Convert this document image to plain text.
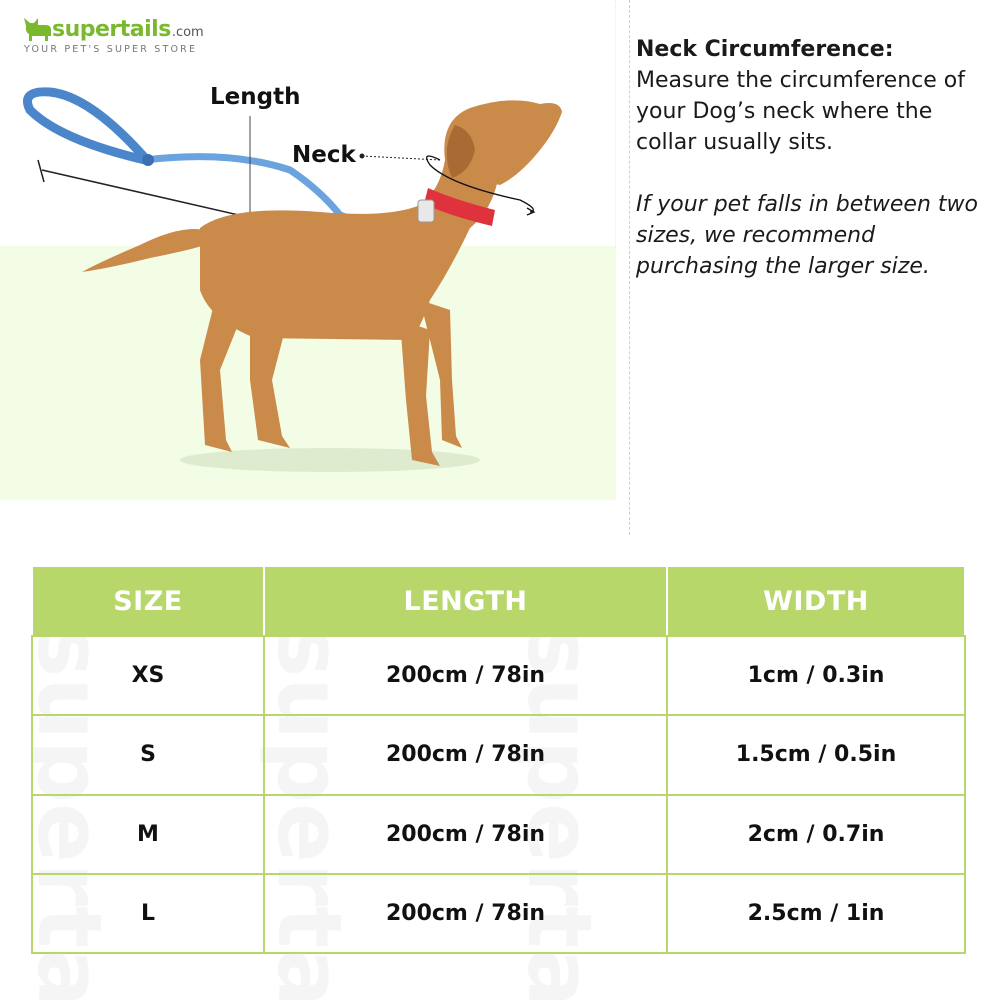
supertails .com
YOUR PET'S SUPER STORE
Length
Neck
Neck Circumference:
Measure the circumference of your Dog’s neck where the collar usually sits.
If your pet falls in between two sizes, we recommend purchasing the larger size.
SIZE	LENGTH	WIDTH
XS	200cm / 78in	1cm / 0.3in
S	200cm / 78in	1.5cm / 0.5in
M	200cm / 78in	2cm / 0.7in
L	200cm / 78in	2.5cm / 1in
